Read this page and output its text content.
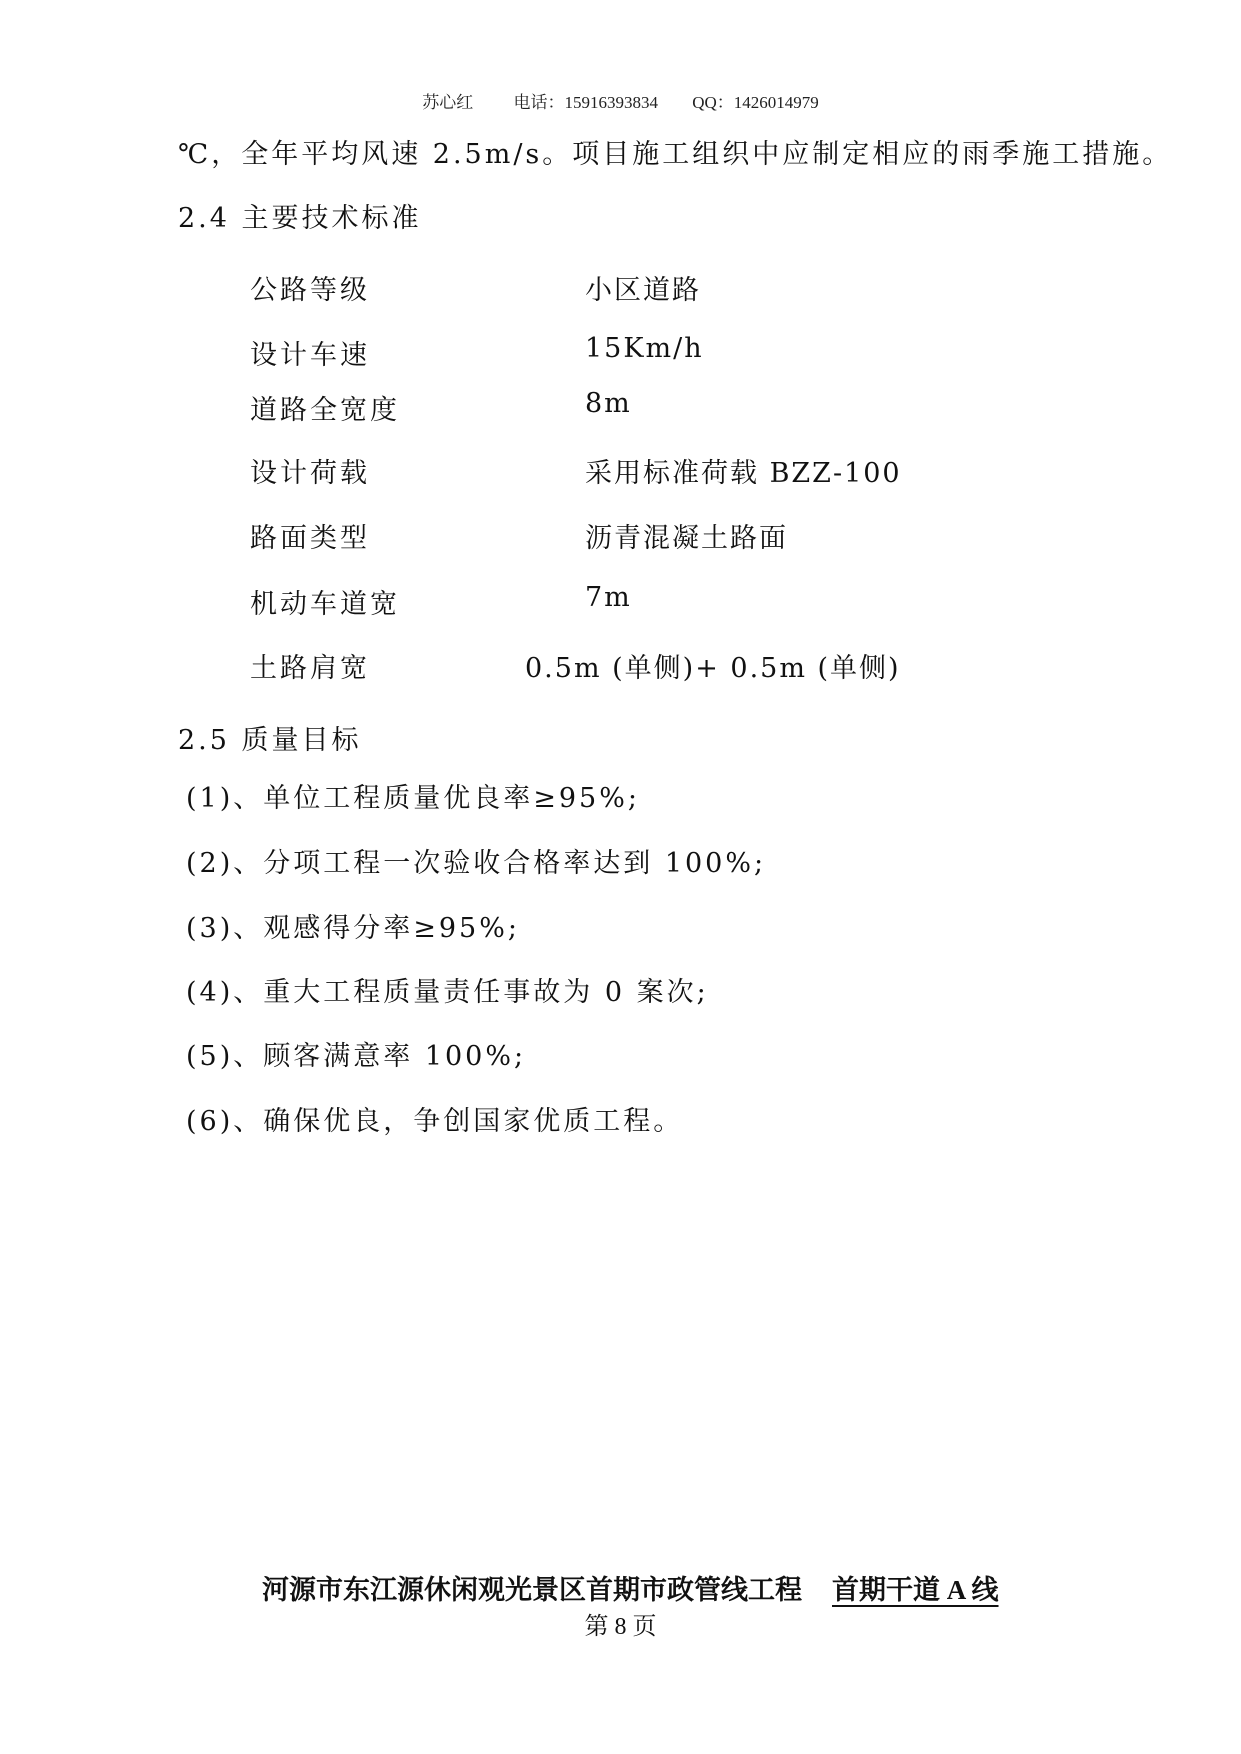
苏心红 电话：15916393834 QQ：1426014979
℃，全年平均风速 2.5m/s。项目施工组织中应制定相应的雨季施工措施。
2.4 主要技术标准
公路等级	小区道路
设计车速	15Km/h
道路全宽度	8m
设计荷载	采用标准荷载 BZZ-100
路面类型	沥青混凝土路面
机动车道宽	7m
土路肩宽	0.5m (单侧)+ 0.5m (单侧)
2.5 质量目标
(1)、单位工程质量优良率≥95%;
(2)、分项工程一次验收合格率达到 100%;
(3)、观感得分率≥95%;
(4)、重大工程质量责任事故为 0 案次;
(5)、顾客满意率 100%;
(6)、确保优良，争创国家优质工程。
河源市东江源休闲观光景区首期市政管线工程 首期干道 A 线
第 8 页
